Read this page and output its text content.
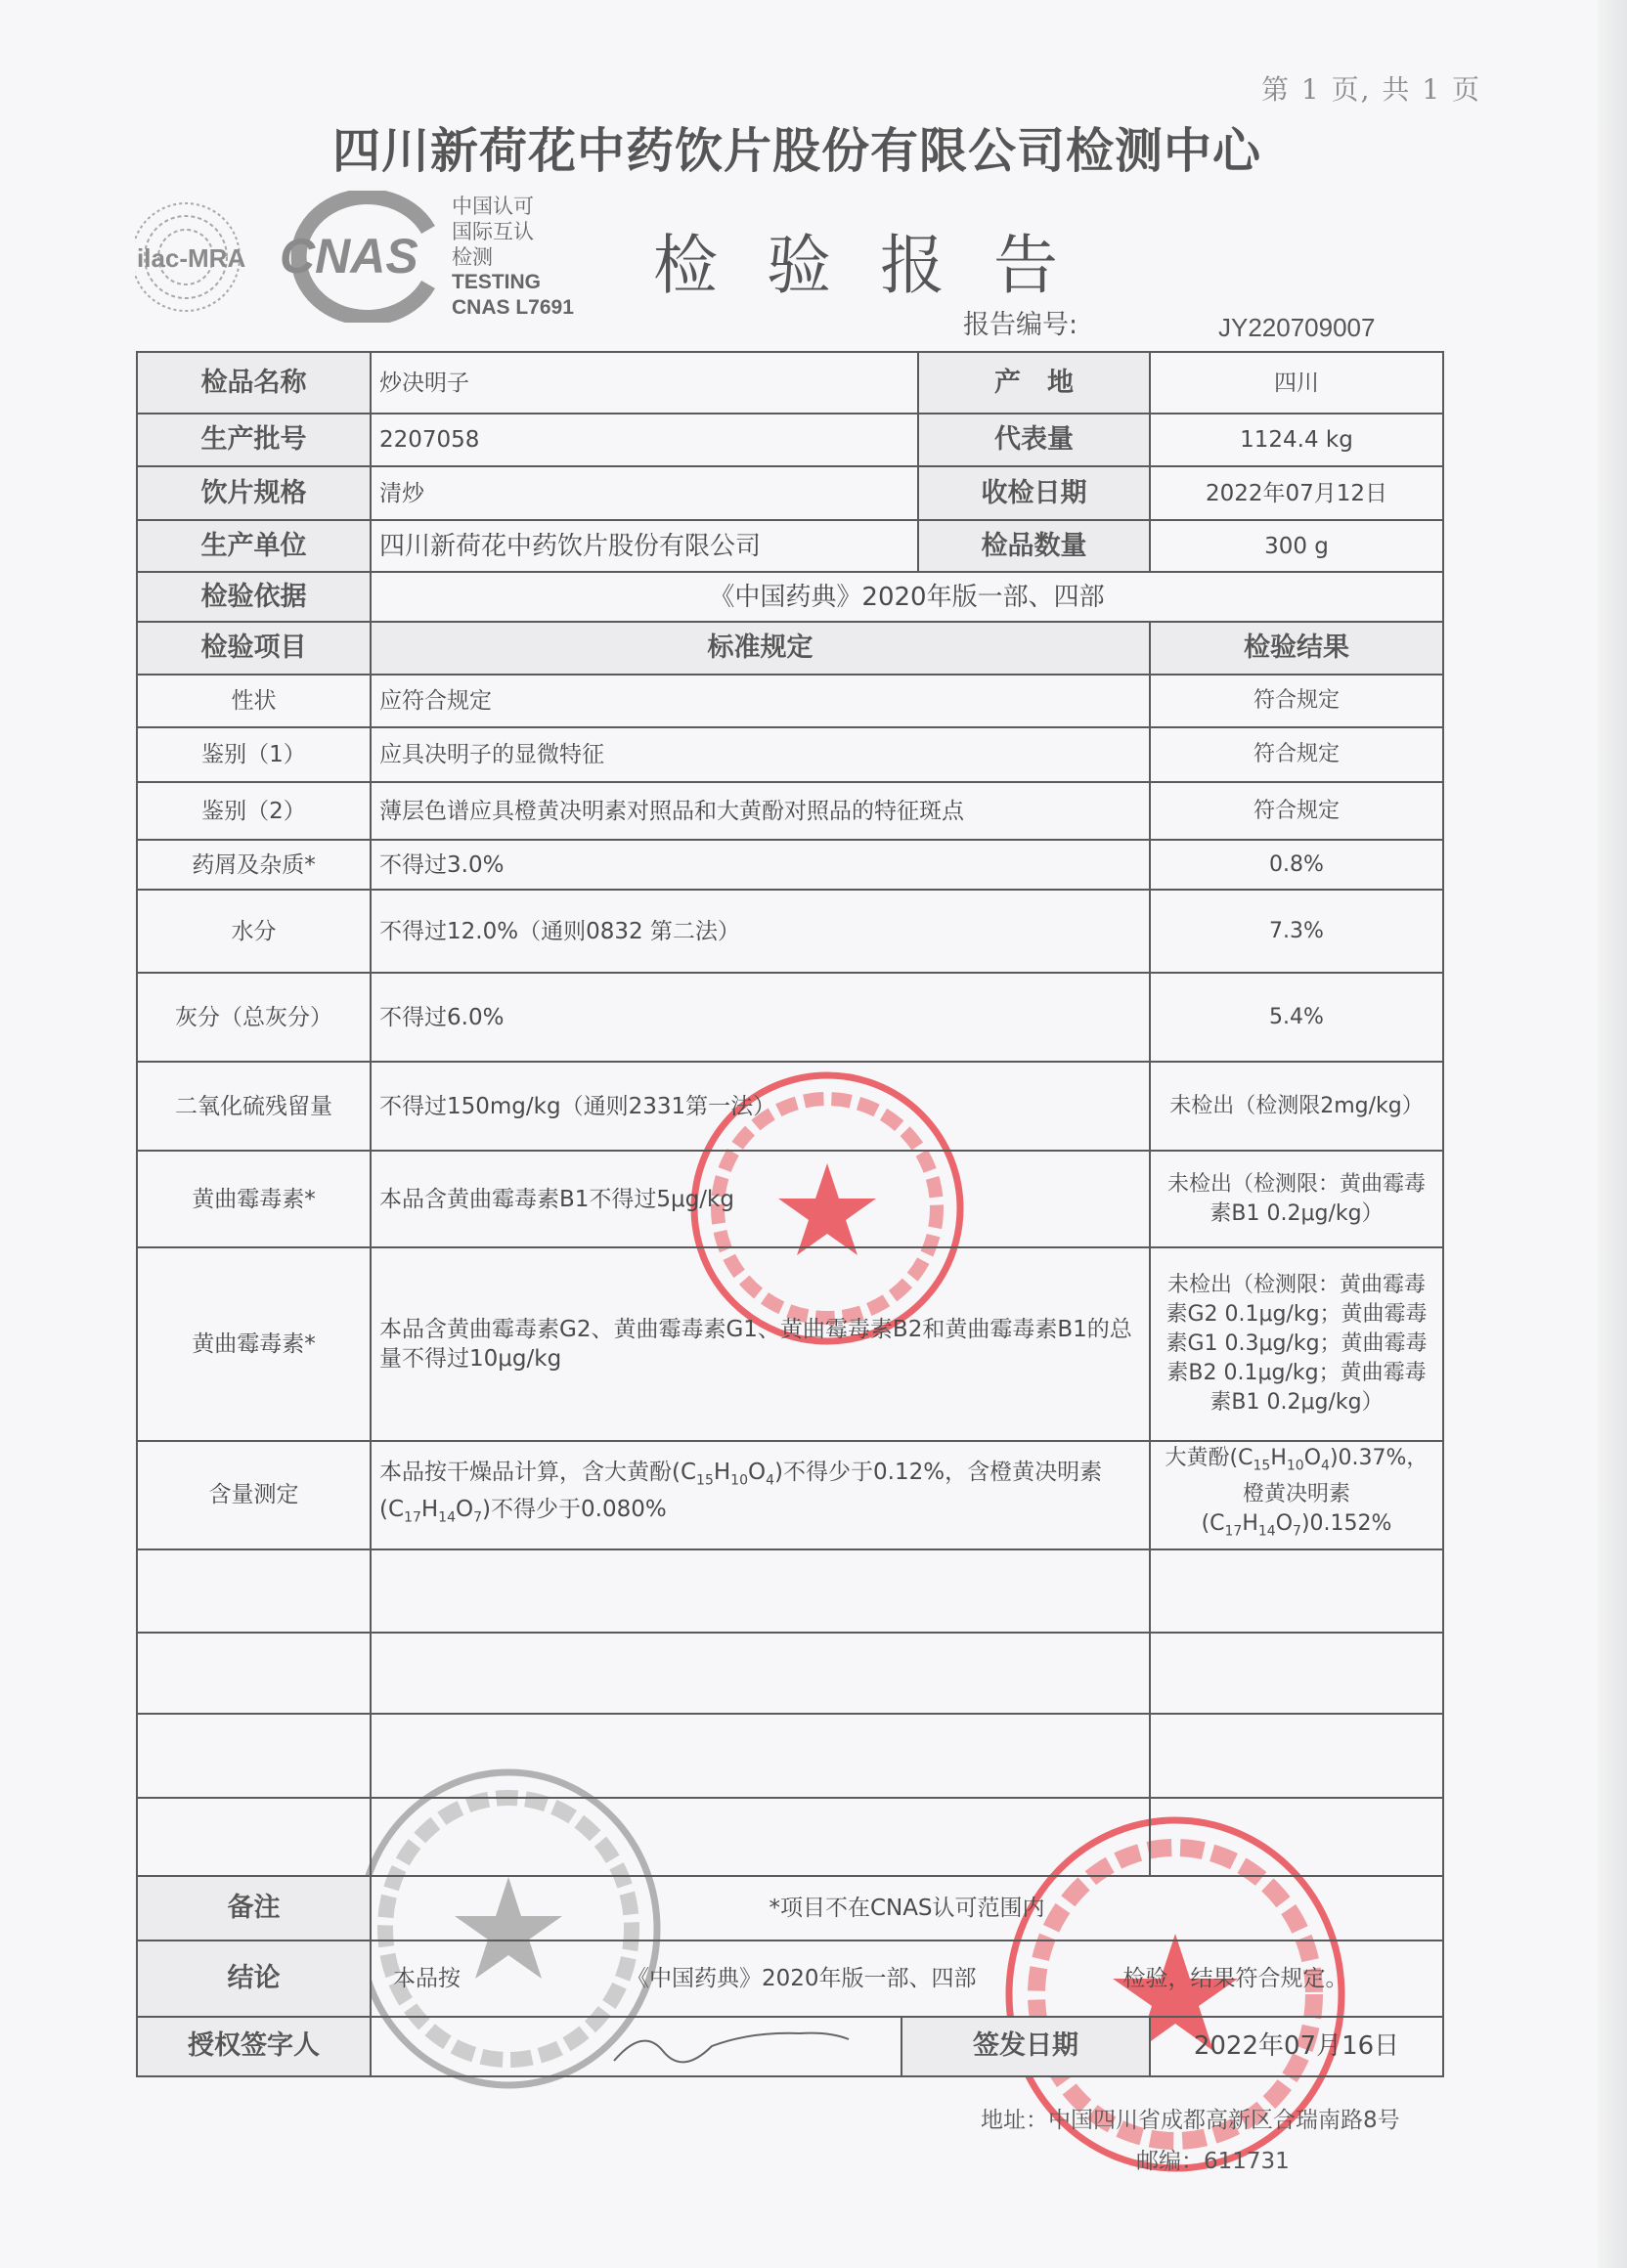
第 1 页, 共 1 页
四川新荷花中药饮片股份有限公司检测中心
ilac-MRA CNAS
中国认可
国际互认
检测
TESTING
CNAS L7691
检验报告
报告编号:	JY220709007
检品名称	炒决明子		产　地	四川
生产批号	2207058		代表量	1124.4 kg
饮片规格	清炒		收检日期	2022年07月12日
生产单位	四川新荷花中药饮片股份有限公司		检品数量	300 g
检验依据	《中国药典》2020年版一部、四部			
检验项目	标准规定			检验结果
性状	应符合规定			符合规定
鉴别（1）	应具决明子的显微特征			符合规定
鉴别（2）	薄层色谱应具橙黄决明素对照品和大黄酚对照品的特征斑点			符合规定
药屑及杂质*	不得过3.0%			0.8%
水分	不得过12.0%（通则0832 第二法）			7.3%
灰分（总灰分）	不得过6.0%			5.4%
二氧化硫残留量	不得过150mg/kg（通则2331第一法）			未检出（检测限2mg/kg）
黄曲霉毒素*	本品含黄曲霉毒素B1不得过5μg/kg			未检出（检测限：黄曲霉毒素B1 0.2μg/kg）
黄曲霉毒素*	本品含黄曲霉毒素G2、黄曲霉毒素G1、黄曲霉毒素B2和黄曲霉毒素B1的总量不得过10μg/kg			未检出（检测限：黄曲霉毒素G2 0.1μg/kg；黄曲霉毒素G1 0.3μg/kg；黄曲霉毒素B2 0.1μg/kg；黄曲霉毒素B1 0.2μg/kg）
含量测定	本品按干燥品计算，含大黄酚$(C_{15}H_{10}O_4)$不得少于0.12%，含橙黄决明素$(C_{17}H_{14}O_7)$不得少于0.080%			大黄酚$(C_{15}H_{10}O_4)0.37\%$，橙黄决明素$(C_{17}H_{14}O_7)0.152\%$

备注	*项目不在CNAS认可范围内			
结论	本品按 《中国药典》2020年版一部、四部 检验，结果符合规定。			
授权签字人		签发日期		2022年07月16日
地址：中国四川省成都高新区合瑞南路8号
邮编：611731
